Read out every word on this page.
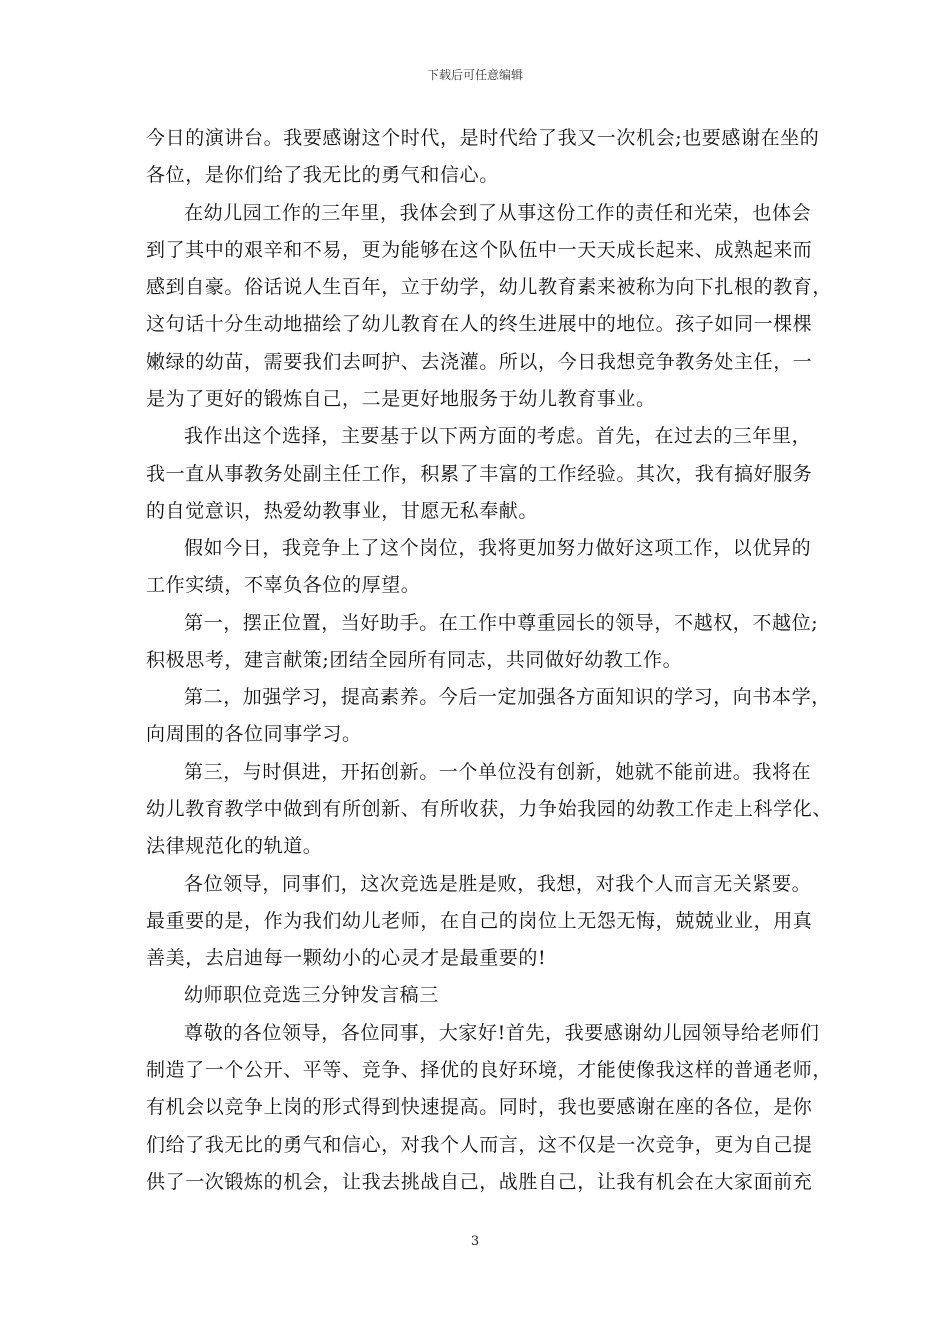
下载后可任意编辑
今日的演讲台。我要感谢这个时代，是时代给了我又一次机会;也要感谢在坐的
各位，是你们给了我无比的勇气和信心。
在幼儿园工作的三年里，我体会到了从事这份工作的责任和光荣，也体会
到了其中的艰辛和不易，更为能够在这个队伍中一天天成长起来、成熟起来而
感到自豪。俗话说人生百年，立于幼学，幼儿教育素来被称为向下扎根的教育，
这句话十分生动地描绘了幼儿教育在人的终生进展中的地位。孩子如同一棵棵
嫩绿的幼苗，需要我们去呵护、去浇灌。所以，今日我想竞争教务处主任，一
是为了更好的锻炼自己，二是更好地服务于幼儿教育事业。
我作出这个选择，主要基于以下两方面的考虑。首先，在过去的三年里，
我一直从事教务处副主任工作，积累了丰富的工作经验。其次，我有搞好服务
的自觉意识，热爱幼教事业，甘愿无私奉献。
假如今日，我竞争上了这个岗位，我将更加努力做好这项工作，以优异的
工作实绩，不辜负各位的厚望。
第一，摆正位置，当好助手。在工作中尊重园长的领导，不越权，不越位;
积极思考，建言献策;团结全园所有同志，共同做好幼教工作。
第二，加强学习，提高素养。今后一定加强各方面知识的学习，向书本学，
向周围的各位同事学习。
第三，与时俱进，开拓创新。一个单位没有创新，她就不能前进。我将在
幼儿教育教学中做到有所创新、有所收获，力争始我园的幼教工作走上科学化、
法律规范化的轨道。
各位领导，同事们，这次竞选是胜是败，我想，对我个人而言无关紧要。
最重要的是，作为我们幼儿老师，在自己的岗位上无怨无悔，兢兢业业，用真
善美，去启迪每一颗幼小的心灵才是最重要的!
幼师职位竞选三分钟发言稿三
尊敬的各位领导，各位同事，大家好!首先，我要感谢幼儿园领导给老师们
制造了一个公开、平等、竞争、择优的良好环境，才能使像我这样的普通老师，
有机会以竞争上岗的形式得到快速提高。同时，我也要感谢在座的各位，是你
们给了我无比的勇气和信心，对我个人而言，这不仅是一次竞争，更为自己提
供了一次锻炼的机会，让我去挑战自己，战胜自己，让我有机会在大家面前充
3
